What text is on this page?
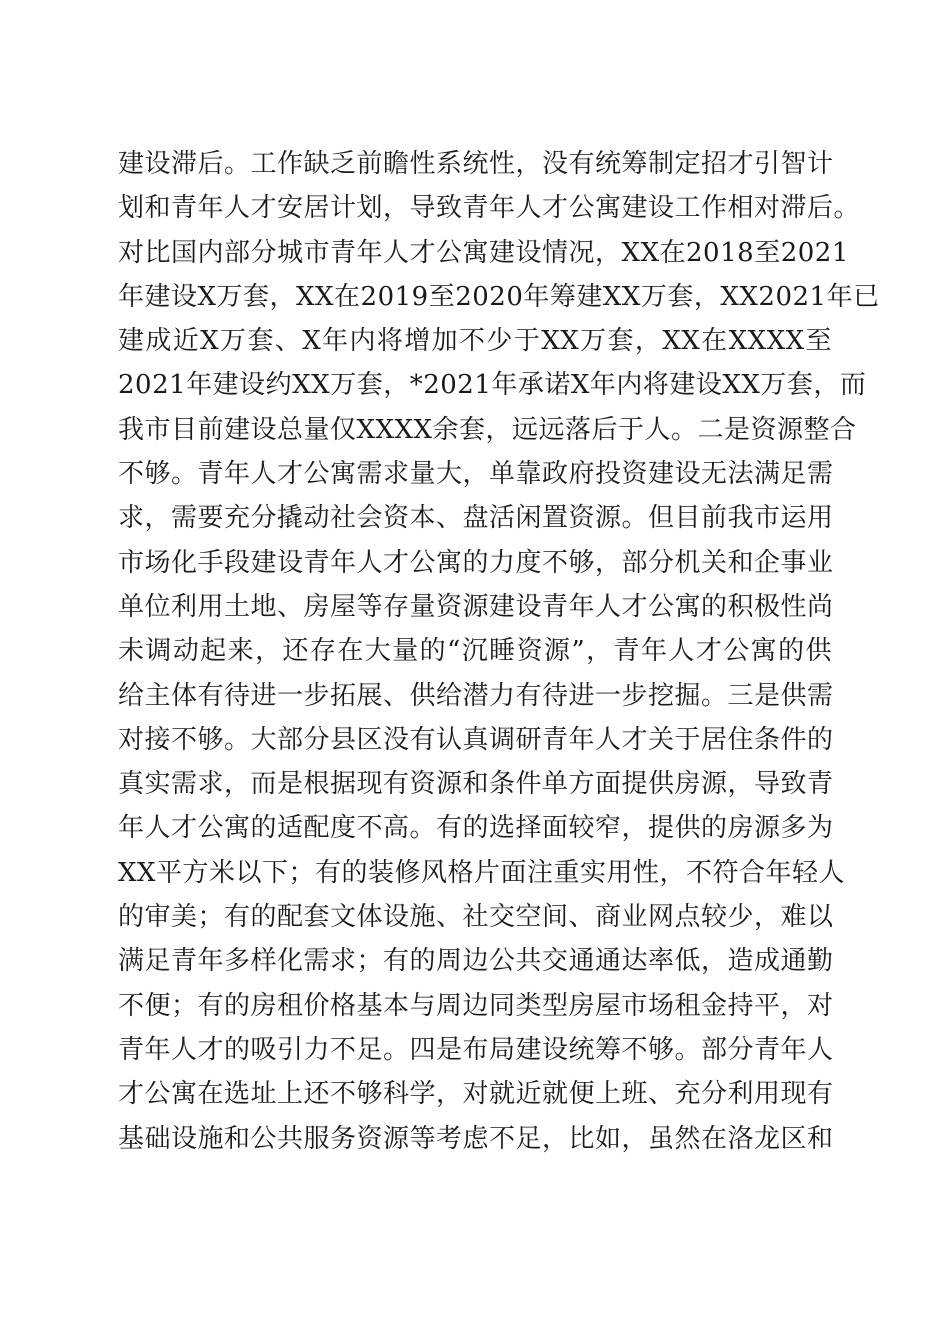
建设滞后。工作缺乏前瞻性系统性，没有统筹制定招才引智计
划和青年人才安居计划，导致青年人才公寓建设工作相对滞后。
对比国内部分城市青年人才公寓建设情况，XX在2018至2021
年建设X万套，XX在2019至2020年筹建XX万套，XX2021年已
建成近X万套、X年内将增加不少于XX万套，XX在XXXX至
2021年建设约XX万套，*2021年承诺X年内将建设XX万套，而
我市目前建设总量仅XXXX余套，远远落后于人。二是资源整合
不够。青年人才公寓需求量大，单靠政府投资建设无法满足需
求，需要充分撬动社会资本、盘活闲置资源。但目前我市运用
市场化手段建设青年人才公寓的力度不够，部分机关和企事业
单位利用土地、房屋等存量资源建设青年人才公寓的积极性尚
未调动起来，还存在大量的“沉睡资源”，青年人才公寓的供
给主体有待进一步拓展、供给潜力有待进一步挖掘。三是供需
对接不够。大部分县区没有认真调研青年人才关于居住条件的
真实需求，而是根据现有资源和条件单方面提供房源，导致青
年人才公寓的适配度不高。有的选择面较窄，提供的房源多为
XX平方米以下；有的装修风格片面注重实用性，不符合年轻人
的审美；有的配套文体设施、社交空间、商业网点较少，难以
满足青年多样化需求；有的周边公共交通通达率低，造成通勤
不便；有的房租价格基本与周边同类型房屋市场租金持平，对
青年人才的吸引力不足。四是布局建设统筹不够。部分青年人
才公寓在选址上还不够科学，对就近就便上班、充分利用现有
基础设施和公共服务资源等考虑不足，比如，虽然在洛龙区和
